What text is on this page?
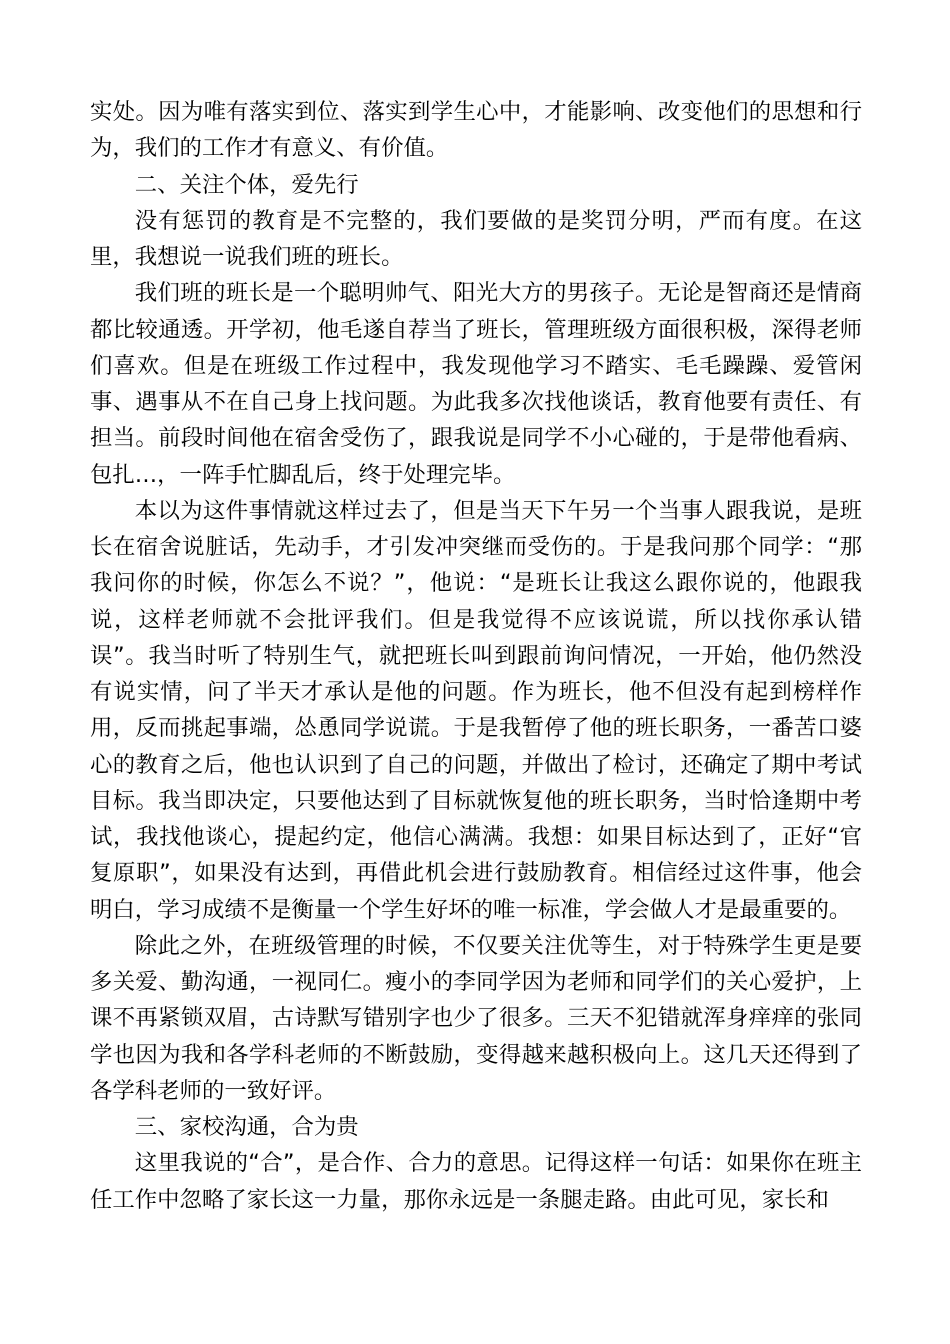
实处。因为唯有落实到位、落实到学生心中，才能影响、改变他们的思想和行为，我们的工作才有意义、有价值。

二、关注个体，爱先行

没有惩罚的教育是不完整的，我们要做的是奖罚分明，严而有度。在这里，我想说一说我们班的班长。

我们班的班长是一个聪明帅气、阳光大方的男孩子。无论是智商还是情商都比较通透。开学初，他毛遂自荐当了班长，管理班级方面很积极，深得老师们喜欢。但是在班级工作过程中，我发现他学习不踏实、毛毛躁躁、爱管闲事、遇事从不在自己身上找问题。为此我多次找他谈话，教育他要有责任、有担当。前段时间他在宿舍受伤了，跟我说是同学不小心碰的，于是带他看病、包扎…，一阵手忙脚乱后，终于处理完毕。

本以为这件事情就这样过去了，但是当天下午另一个当事人跟我说，是班长在宿舍说脏话，先动手，才引发冲突继而受伤的。于是我问那个同学：“那我问你的时候，你怎么不说？”，他说：“是班长让我这么跟你说的，他跟我说，这样老师就不会批评我们。但是我觉得不应该说谎，所以找你承认错误”。我当时听了特别生气，就把班长叫到跟前询问情况，一开始，他仍然没有说实情，问了半天才承认是他的问题。作为班长，他不但没有起到榜样作用，反而挑起事端，怂恿同学说谎。于是我暂停了他的班长职务，一番苦口婆心的教育之后，他也认识到了自己的问题，并做出了检讨，还确定了期中考试目标。我当即决定，只要他达到了目标就恢复他的班长职务，当时恰逢期中考试，我找他谈心，提起约定，他信心满满。我想：如果目标达到了，正好“官复原职”，如果没有达到，再借此机会进行鼓励教育。相信经过这件事，他会明白，学习成绩不是衡量一个学生好坏的唯一标准，学会做人才是最重要的。

除此之外，在班级管理的时候，不仅要关注优等生，对于特殊学生更是要多关爱、勤沟通，一视同仁。瘦小的李同学因为老师和同学们的关心爱护，上课不再紧锁双眉，古诗默写错别字也少了很多。三天不犯错就浑身痒痒的张同学也因为我和各学科老师的不断鼓励，变得越来越积极向上。这几天还得到了各学科老师的一致好评。

三、家校沟通，合为贵

这里我说的“合”，是合作、合力的意思。记得这样一句话：如果你在班主任工作中忽略了家长这一力量，那你永远是一条腿走路。由此可见，家长和
